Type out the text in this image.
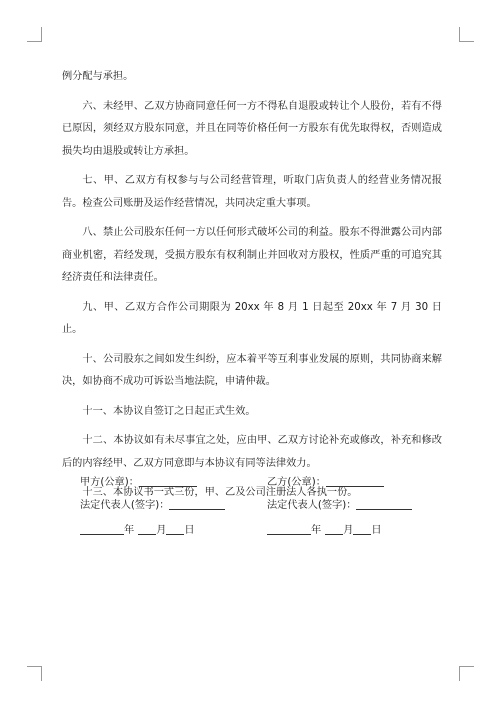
例分配与承担。

六、未经甲、乙双方协商同意任何一方不得私自退股或转让个人股份，若有不得已原因，须经双方股东同意，并且在同等价格任何一方股东有优先取得权，否则造成损失均由退股或转让方承担。

七、甲、乙双方有权参与与公司经营管理，听取门店负责人的经营业务情况报告。检查公司账册及运作经营情况，共同决定重大事项。

八、禁止公司股东任何一方以任何形式破坏公司的利益。股东不得泄露公司内部商业机密，若经发现，受损方股东有权利制止并回收对方股权，性质严重的可追究其经济责任和法律责任。

九、甲、乙双方合作公司期限为 20xx 年 8 月 1 日起至 20xx 年 7 月 30 日止。

十、公司股东之间如发生纠纷，应本着平等互利事业发展的原则，共同协商来解决，如协商不成功可诉讼当地法院，申请仲裁。

十一、本协议自签订之日起正式生效。

十二、本协议如有未尽事宜之处，应由甲、乙双方讨论补充或修改，补充和修改后的内容经甲、乙双方同意即与本协议有同等法律效力。

十三、本协议书一式三份，甲、乙及公司注册法人各执一份。

甲方(公章)：	乙方(公章)：
法定代表人(签字)：	法定代表人(签字)：
年 月 日	年 月 日
